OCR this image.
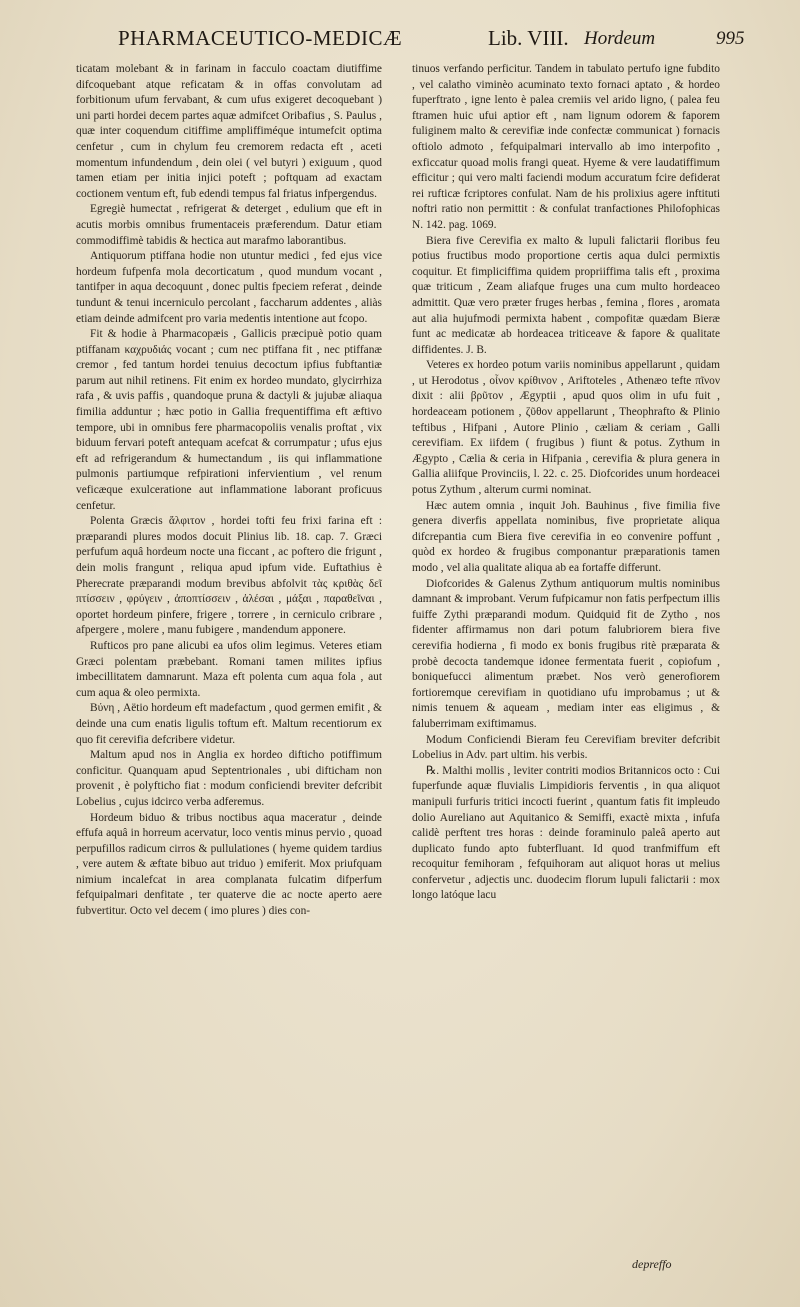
PHARMACEUTICO-MEDICÆ	Lib. VIII. Hordeum	995

ticatam molebant & in farinam in facculo coactam diutiffime difcoquebant atque reficatam & in offas convolutam ad forbitionum ufum fervabant, & cum ufus exigeret decoquebant ) uni parti hordei decem partes aquæ admifcet Oribafius , S. Paulus , quæ inter coquendum citiffime ampliffiméque intumefcit optima cenfetur , cum in chylum feu cremorem redacta eft , aceti momentum infundendum , dein olei ( vel butyri ) exiguum , quod tamen etiam per initia injici poteft ; poftquam ad exactam coctionem ventum eft, fub edendi tempus fal friatus infpergendus.

Egregiè humectat , refrigerat & deterget , edulium que eft in acutis morbis omnibus frumentaceis præferendum. Datur etiam commodiffimè tabidis & hectica aut marafmo laborantibus.

Antiquorum ptiffana hodie non utuntur medici , fed ejus vice hordeum fufpenfa mola decorticatum , quod mundum vocant , tantifper in aqua decoquunt , donec pultis fpeciem referat , deinde tundunt & tenui incerniculo percolant , faccharum addentes , aliàs etiam deinde admifcent pro varia medentis intentione aut fcopo.

Fit & hodie à Pharmacopæis , Gallicis præcipuè potio quam ptiffanam καχρυδιάς vocant ; cum nec ptiffana fit , nec ptiffanæ cremor , fed tantum hordei tenuius decoctum ipfius fubftantiæ parum aut nihil retinens. Fit enim ex hordeo mundato, glycirrhiza rafa , & uvis paffis , quandoque pruna & dactyli & jujubæ aliaqua fimilia adduntur ; hæc potio in Gallia frequentiffima eft æftivo tempore, ubi in omnibus fere pharmacopoliis venalis proftat , vix biduum fervari poteft antequam acefcat & corrumpatur ; ufus ejus eft ad refrigerandum & humectandum , iis qui inflammatione pulmonis partiumque refpirationi infervientium , vel renum veficæque exulceratione aut inflammatione laborant proficuus cenfetur.

Polenta Græcis ἄλφιτον , hordei tofti feu frixi farina eft : præparandi plures modos docuit Plinius lib. 18. cap. 7. Græci perfufum aquâ hordeum nocte una ficcant , ac poftero die frigunt , dein molis frangunt , reliqua apud ipfum vide. Euftathius è Pherecrate præparandi modum brevibus abfolvit τὰς κριθὰς δεῖ πτίσσειν , φρύγειν , ἀποπτίσσειν , ἀλέσαι , μάξαι , παραθεῖναι , oportet hordeum pinfere, frigere , torrere , in cerniculo cribrare , afpergere , molere , manu fubigere , mandendum apponere.

Rufticos pro pane alicubi ea ufos olim legimus. Veteres etiam Græci polentam præbebant. Romani tamen milites ipfius imbecillitatem damnarunt. Maza eft polenta cum aqua fola , aut cum aqua & oleo permixta.

Βύνη , Aëtio hordeum eft madefactum , quod germen emifit , & deinde una cum enatis ligulis toftum eft. Maltum recentiorum ex quo fit cerevifia defcribere videtur.

Maltum apud nos in Anglia ex hordeo difticho potiffimum conficitur. Quanquam apud Septentrionales , ubi difticham non provenit , è polyfticho fiat : modum conficiendi breviter defcribit Lobelius , cujus idcirco verba adferemus.

Hordeum biduo & tribus noctibus aqua maceratur , deinde effufa aquâ in horreum acervatur, loco ventis minus pervio , quoad perpufillos radicum cirros & pullulationes ( hyeme quidem tardius , vere autem & æftate bibuo aut triduo ) emiferit. Mox priufquam nimium incalefcat in area complanata fulcatim difperfum fefquipalmari denfitate , ter quaterve die ac nocte aperto aere fubvertitur. Octo vel decem ( imo plures ) dies con-

tinuos verfando perficitur. Tandem in tabulato pertufo igne fubdito , vel calatho viminèo acuminato texto fornaci aptato , & hordeo fuperftrato , igne lento è palea cremiis vel arido ligno, ( palea feu ftramen huic ufui aptior eft , nam lignum odorem & faporem fuliginem malto & cerevifiæ inde confectæ communicat ) fornacis oftiolo admoto , fefquipalmari intervallo ab imo interpofito , exficcatur quoad molis frangi queat. Hyeme & vere laudatiffimum efficitur ; qui vero malti faciendi modum accuratum fcire defiderat rei rufticæ fcriptores confulat. Nam de his prolixius agere inftituti noftri ratio non permittit : & confulat tranfactiones Philofophicas N. 142. pag. 1069.

Biera five Cerevifia ex malto & lupuli falictarii floribus feu potius fructibus modo proportione certis aqua dulci permixtis coquitur. Et fimpliciffima quidem propriiffima talis eft , proxima quæ triticum , Zeam aliafque fruges una cum multo hordeaceo admittit. Quæ vero præter fruges herbas , femina , flores , aromata aut alia hujufmodi permixta habent , compofitæ quædam Bieræ funt ac medicatæ ab hordeacea triticeave & fapore & qualitate diffidentes. J. B.

Veteres ex hordeo potum variis nominibus appellarunt , quidam , ut Herodotus , οἶνον κρίθινον , Ariftoteles , Athenæo tefte πῖνον dixit : alii βρῦτον , Ægyptii , apud quos olim in ufu fuit , hordeaceam potionem , ζῦθον appellarunt , Theophrafto & Plinio teftibus , Hifpani , Autore Plinio , cæliam & ceriam , Galli cerevifiam. Ex iifdem ( frugibus ) fiunt & potus. Zythum in Ægypto , Cælia & ceria in Hifpania , cerevifia & plura genera in Gallia aliifque Provinciis, l. 22. c. 25. Diofcorides unum hordeacei potus Zythum , alterum curmi nominat.

Hæc autem omnia , inquit Joh. Bauhinus , five fimilia five genera diverfis appellata nominibus, five proprietate aliqua difcrepantia cum Biera five cerevifia in eo convenire poffunt , quòd ex hordeo & frugibus componantur præparationis tamen modo , vel alia qualitate aliqua ab ea fortaffe differunt.

Diofcorides & Galenus Zythum antiquorum multis nominibus damnant & improbant. Verum fufpicamur non fatis perfpectum illis fuiffe Zythi præparandi modum. Quidquid fit de Zytho , nos fidenter affirmamus non dari potum falubriorem biera five cerevifia hodierna , fi modo ex bonis frugibus ritè præparata & probè decocta tandemque idonee fermentata fuerit , copiofum , boniquefucci alimentum præbet. Nos verò generofiorem fortioremque cerevifiam in quotidiano ufu improbamus ; ut & nimis tenuem & aqueam , mediam inter eas eligimus , & faluberrimam exiftimamus.

Modum Conficiendi Bieram feu Cerevifiam breviter defcribit Lobelius in Adv. part ultim. his verbis.

℞. Malthi mollis , leviter contriti modios Britannicos octo : Cui fuperfunde aquæ fluvialis Limpidioris ferventis , in qua aliquot manipuli furfuris tritici incocti fuerint , quantum fatis fit impleudo dolio Aureliano aut Aquitanico & Semiffi, exactè mixta , infufa calidè perftent tres horas : deinde foraminulo paleâ aperto aut duplicato fundo apto fubterfluant. Id quod tranfmiffum eft recoquitur femihoram , fefquihoram aut aliquot horas ut melius confervetur , adjectis unc. duodecim florum lupuli falictarii : mox longo latóque lacu

depreffo
